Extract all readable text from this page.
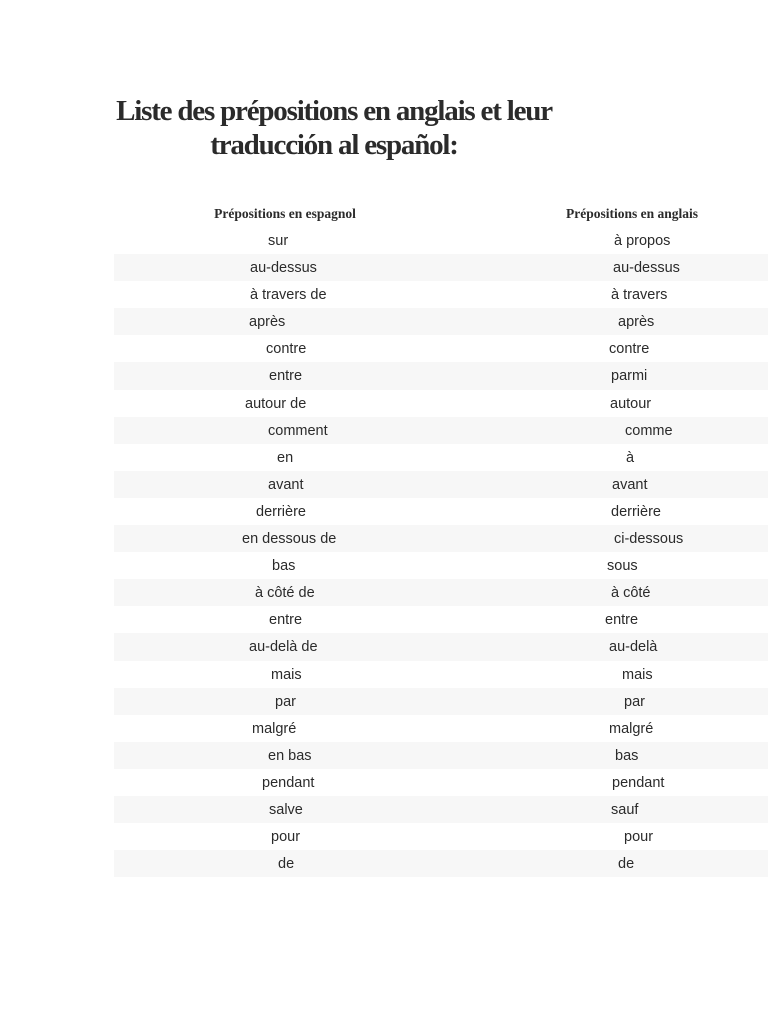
Liste des prépositions en anglais et leur traducción al español:
Prépositions en espagnol	Prépositions en anglais
sur	à propos
au-dessus	au-dessus
à travers de	à travers
après	après
contre	contre
entre	parmi
autour de	autour
comment	comme
en	à
avant	avant
derrière	derrière
en dessous de	ci-dessous
bas	sous
à côté de	à côté
entre	entre
au-delà de	au-delà
mais	mais
par	par
malgré	malgré
en bas	bas
pendant	pendant
salve	sauf
pour	pour
de	de
